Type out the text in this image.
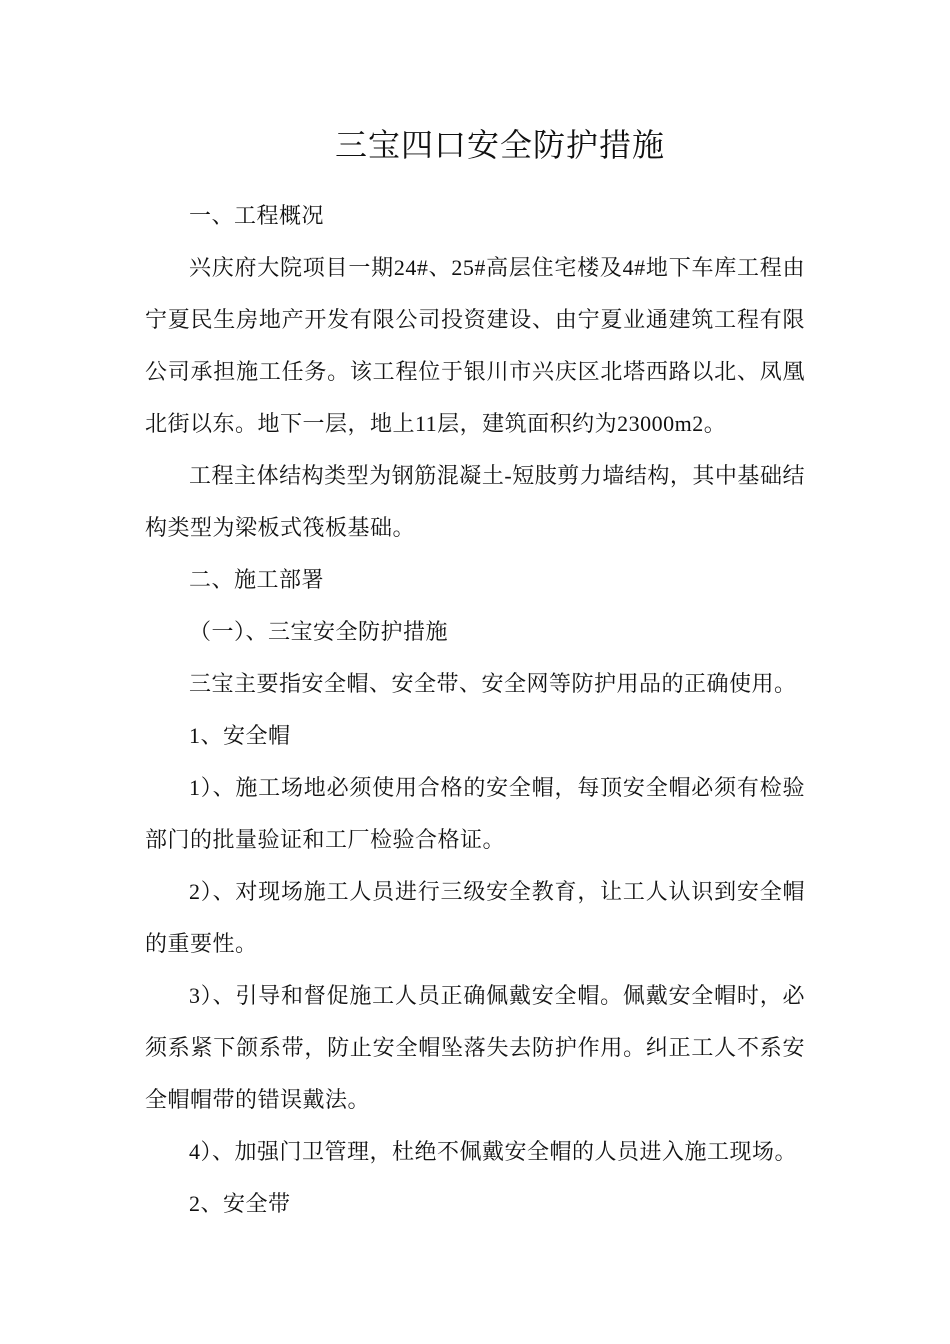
三宝四口安全防护措施

一、工程概况

兴庆府大院项目一期24#、25#高层住宅楼及4#地下车库工程由宁夏民生房地产开发有限公司投资建设、由宁夏业通建筑工程有限公司承担施工任务。该工程位于银川市兴庆区北塔西路以北、凤凰北街以东。地下一层，地上11层，建筑面积约为23000m2。

工程主体结构类型为钢筋混凝土-短肢剪力墙结构，其中基础结构类型为梁板式筏板基础。

二、施工部署

（一）、三宝安全防护措施

三宝主要指安全帽、安全带、安全网等防护用品的正确使用。

1、安全帽

1）、施工场地必须使用合格的安全帽，每顶安全帽必须有检验部门的批量验证和工厂检验合格证。

2）、对现场施工人员进行三级安全教育，让工人认识到安全帽的重要性。

3）、引导和督促施工人员正确佩戴安全帽。佩戴安全帽时，必须系紧下颌系带，防止安全帽坠落失去防护作用。纠正工人不系安全帽帽带的错误戴法。

4）、加强门卫管理，杜绝不佩戴安全帽的人员进入施工现场。

2、安全带
